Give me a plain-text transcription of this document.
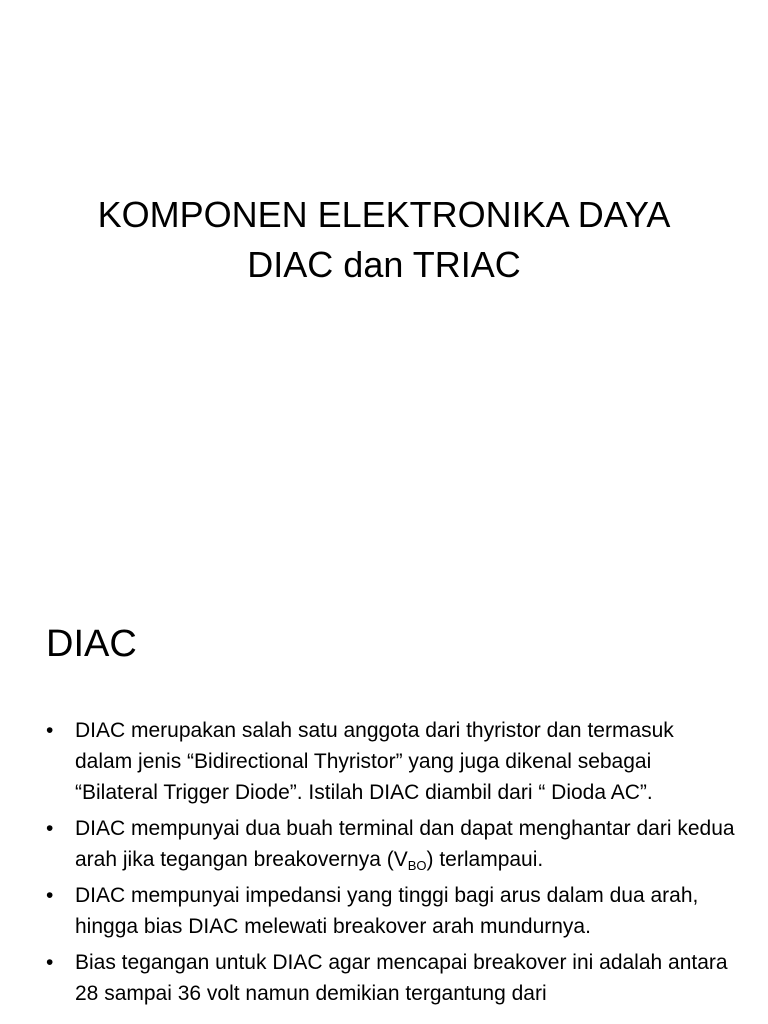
KOMPONEN ELEKTRONIKA DAYA
DIAC dan TRIAC
DIAC
• DIAC merupakan salah satu anggota dari thyristor dan termasuk dalam jenis “Bidirectional Thyristor” yang juga dikenal sebagai “Bilateral Trigger Diode”. Istilah DIAC diambil dari “ Dioda AC”.
• DIAC mempunyai dua buah terminal dan dapat menghantar dari kedua arah jika tegangan breakovernya $(V_{BO})$ terlampaui.
• DIAC mempunyai impedansi yang tinggi bagi arus dalam dua arah, hingga bias DIAC melewati breakover arah mundurnya.
• Bias tegangan untuk DIAC agar mencapai breakover ini adalah antara 28 sampai 36 volt namun demikian tergantung dari
